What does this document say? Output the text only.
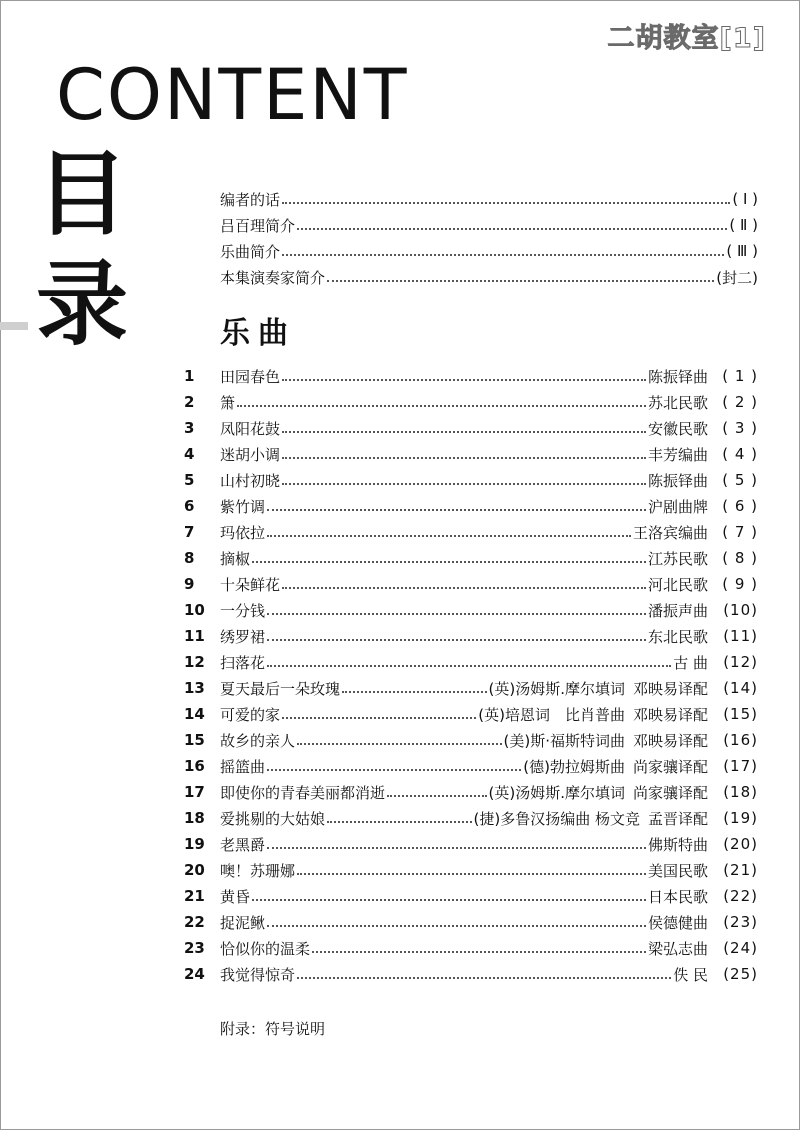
二胡教室[1]
CONTENT
目
录
编者的话	( Ⅰ )
吕百理简介	( Ⅱ )
乐曲简介	( Ⅲ )
本集演奏家简介	(封二)
乐曲
1	田园春色	陈振铎曲 ( 1 )
2	箫	苏北民歌 ( 2 )
3	凤阳花鼓	安徽民歌 ( 3 )
4	迷胡小调	丰芳编曲 ( 4 )
5	山村初晓	陈振铎曲 ( 5 )
6	紫竹调	沪剧曲牌 ( 6 )
7	玛依拉	王洛宾编曲 ( 7 )
8	摘椒	江苏民歌 ( 8 )
9	十朵鲜花	河北民歌 ( 9 )
10	一分钱	潘振声曲	(10)
11	绣罗裙	东北民歌	(11)
12	扫落花	古 曲	(12)
13	夏天最后一朵玫瑰	(英)汤姆斯.摩尔填词 邓映易译配	(14)
14	可爱的家	(英)培恩词　比肖普曲 邓映易译配	(15)
15	故乡的亲人	(美)斯·福斯特词曲 邓映易译配	(16)
16	摇篮曲	(德)勃拉姆斯曲 尚家骧译配	(17)
17	即使你的青春美丽都消逝	(英)汤姆斯.摩尔填词 尚家骧译配	(18)
18	爱挑剔的大姑娘	(捷)多鲁汉扬编曲 杨文竞 孟晋译配	(19)
19	老黑爵	佛斯特曲	(20)
20	噢！苏珊娜	美国民歌	(21)
21	黄昏	日本民歌	(22)
22	捉泥鳅	侯德健曲	(23)
23	恰似你的温柔	梁弘志曲	(24)
24	我觉得惊奇	佚 民	(25)
附录：符号说明
